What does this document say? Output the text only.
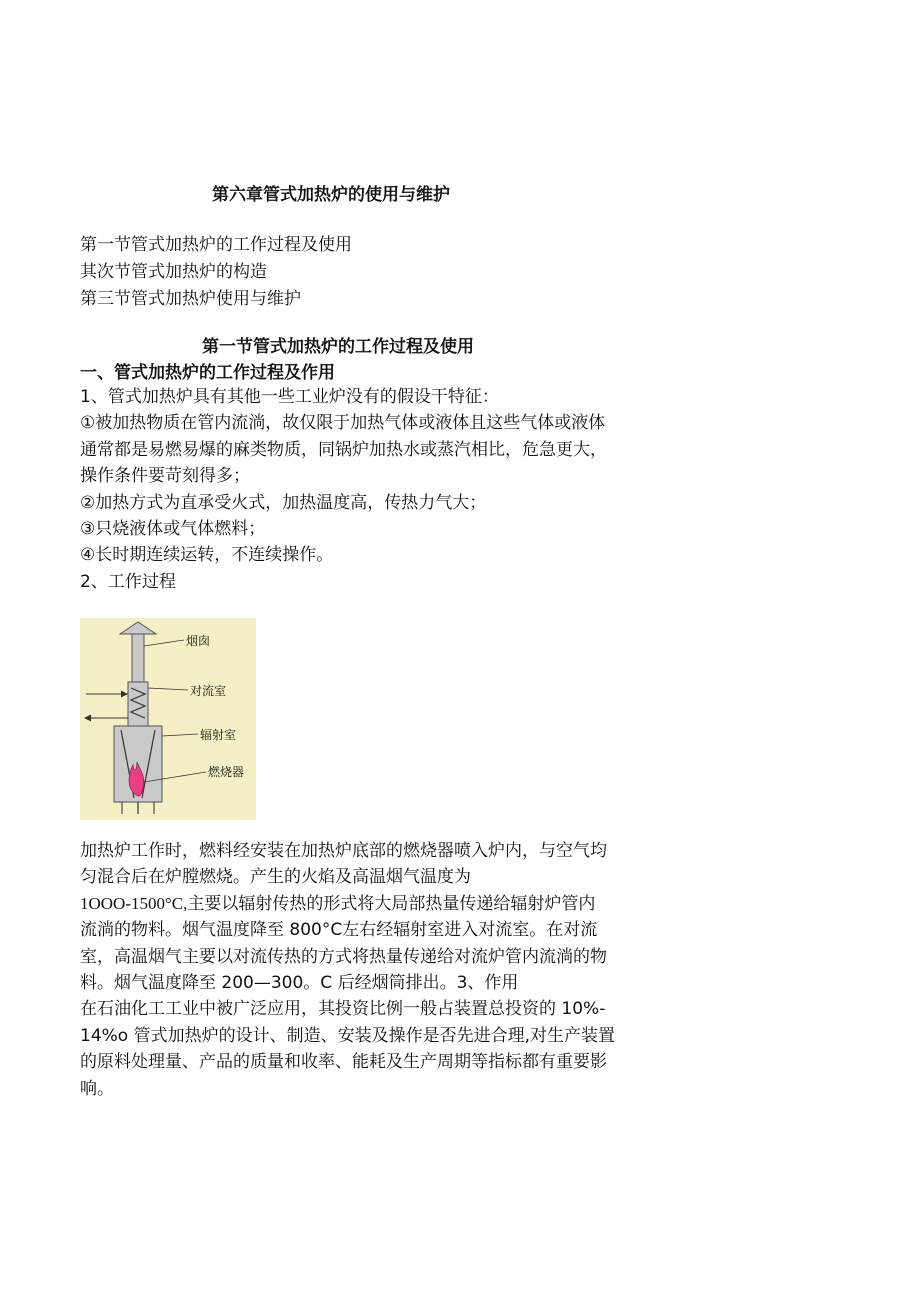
第六章管式加热炉的使用与维护
第一节管式加热炉的工作过程及使用
其次节管式加热炉的构造
第三节管式加热炉使用与维护
第一节管式加热炉的工作过程及使用
一、管式加热炉的工作过程及作用
1、管式加热炉具有其他一些工业炉没有的假设干特征：
①被加热物质在管内流淌，故仅限于加热气体或液体且这些气体或液体
通常都是易燃易爆的麻类物质，同锅炉加热水或蒸汽相比，危急更大，
操作条件要苛刻得多；
②加热方式为直承受火式，加热温度高，传热力气大；
③只烧液体或气体燃料；
④长时期连续运转，不连续操作。
2、工作过程
烟囱
对流室
辐射室
燃烧器
加热炉工作时，燃料经安装在加热炉底部的燃烧器喷入炉内，与空气均
匀混合后在炉膛燃烧。产生的火焰及高温烟气温度为
1OOO-1500°C,主要以辐射传热的形式将大局部热量传递给辐射炉管内
流淌的物料。烟气温度降至 800°C左右经辐射室进入对流室。在对流
室，高温烟气主要以对流传热的方式将热量传递给对流炉管内流淌的物
料。烟气温度降至 200—300。C 后经烟筒排出。3、作用
在石油化工工业中被广泛应用，其投资比例一般占装置总投资的 10%-
14%o 管式加热炉的设计、制造、安装及操作是否先进合理,对生产装置
的原料处理量、产品的质量和收率、能耗及生产周期等指标都有重要影
响。
